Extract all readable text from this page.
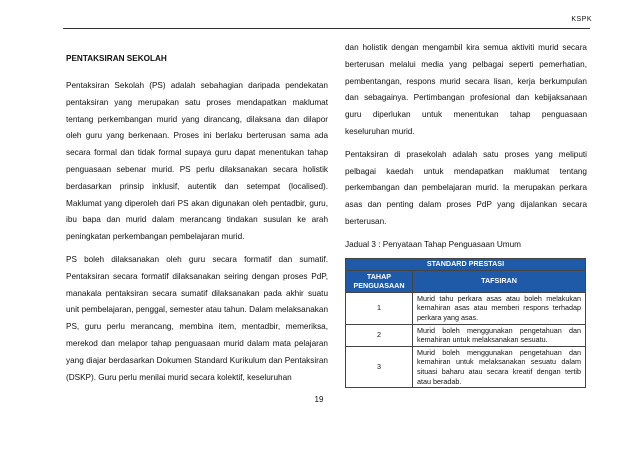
KSPK
PENTAKSIRAN SEKOLAH

Pentaksiran Sekolah (PS) adalah sebahagian daripada pendekatan pentaksiran yang merupakan satu proses mendapatkan maklumat tentang perkembangan murid yang dirancang, dilaksana dan dilapor oleh guru yang berkenaan. Proses ini berlaku berterusan sama ada secara formal dan tidak formal supaya guru dapat menentukan tahap penguasaan sebenar murid. PS perlu dilaksanakan secara holistik berdasarkan prinsip inklusif, autentik dan setempat (localised). Maklumat yang diperoleh dari PS akan digunakan oleh pentadbir, guru, ibu bapa dan murid dalam merancang tindakan susulan ke arah peningkatan perkembangan pembelajaran murid.

PS boleh dilaksanakan oleh guru secara formatif dan sumatif. Pentaksiran secara formatif dilaksanakan seiring dengan proses PdP, manakala pentaksiran secara sumatif dilaksanakan pada akhir suatu unit pembelajaran, penggal, semester atau tahun. Dalam melaksanakan PS, guru perlu merancang, membina item, mentadbir, memeriksa, merekod dan melapor tahap penguasaan murid dalam mata pelajaran yang diajar berdasarkan Dokumen Standard Kurikulum dan Pentaksiran (DSKP). Guru perlu menilai murid secara kolektif, keseluruhan

dan holistik dengan mengambil kira semua aktiviti murid secara berterusan melalui media yang pelbagai seperti pemerhatian, pembentangan, respons murid secara lisan, kerja berkumpulan dan sebagainya. Pertimbangan profesional dan kebijaksanaan guru diperlukan untuk menentukan tahap penguasaan keseluruhan murid.

Pentaksiran di prasekolah adalah satu proses yang meliputi pelbagai kaedah untuk mendapatkan maklumat tentang perkembangan dan pembelajaran murid. Ia merupakan perkara asas dan penting dalam proses PdP yang dijalankan secara berterusan.

Jadual 3 : Penyataan Tahap Penguasaan Umum

STANDARD PRESTASI	
TAHAP PENGUASAAN	TAFSIRAN
1	Murid tahu perkara asas atau boleh melakukan kemahiran asas atau memberi respons terhadap perkara yang asas.
2	Murid boleh menggunakan pengetahuan dan kemahiran untuk melaksanakan sesuatu.
3	Murid boleh menggunakan pengetahuan dan kemahiran untuk melaksanakan sesuatu dalam situasi baharu atau secara kreatif dengan tertib atau beradab.
19
